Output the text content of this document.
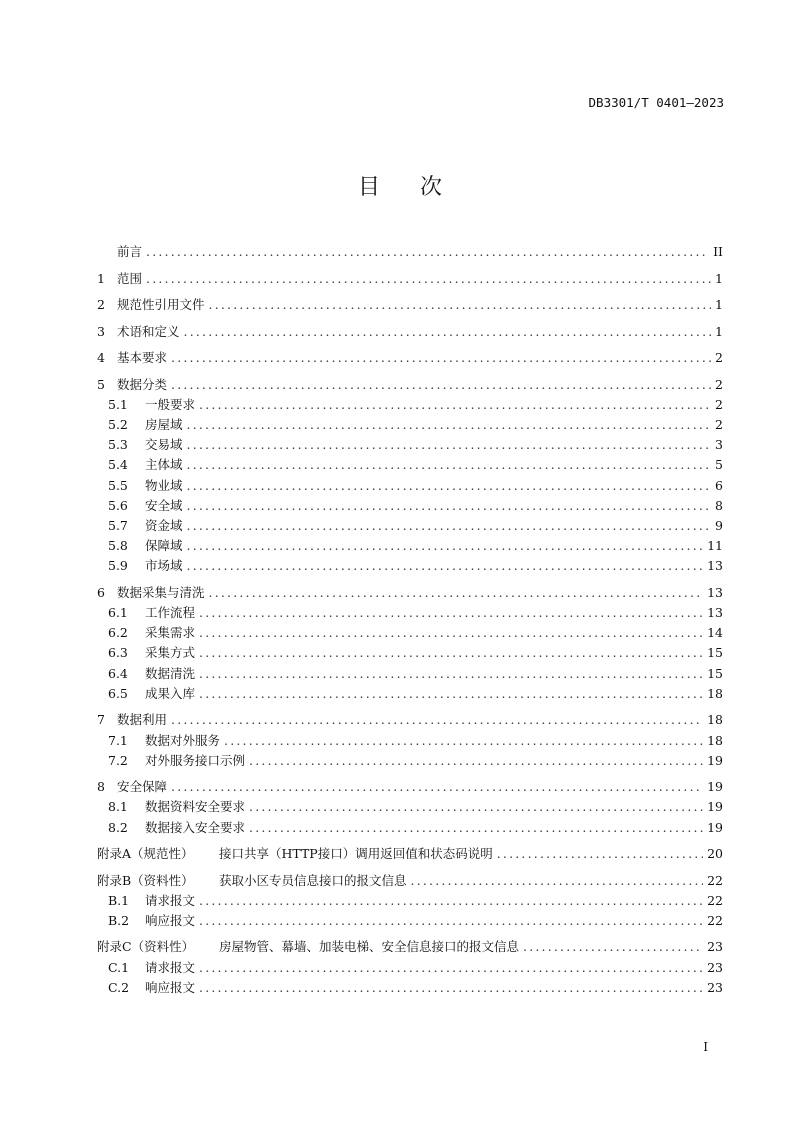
DB3301/T 0401—2023
目次
前言 .....	II
1 范围 .....	1
2 规范性引用文件 .....	1
3 术语和定义 .....	1
4 基本要求 .....	2
5 数据分类 .....	2
5.1	一般要求 .....	2
5.2	房屋域 .....	2
5.3	交易域 .....	3
5.4	主体域 .....	5
5.5	物业域 .....	6
5.6	安全域 .....	8
5.7	资金域 .....	9
5.8	保障域 .....	11
5.9	市场域 .....	13
6 数据采集与清洗 .....	13
6.1	工作流程 .....	13
6.2	采集需求 .....	14
6.3	采集方式 .....	15
6.4	数据清洗 .....	15
6.5	成果入库 .....	18
7 数据利用 .....	18
7.1	数据对外服务 .....	18
7.2	对外服务接口示例 .....	19
8 安全保障 .....	19
8.1	数据资料安全要求 .....	19
8.2	数据接入安全要求 .....	19
附录A（规范性）	接口共享（HTTP接口）调用返回值和状态码说明 .....	20
附录B（资料性）	获取小区专员信息接口的报文信息 .....	22
B.1	请求报文 .....	22
B.2	响应报文 .....	22
附录C（资料性）	房屋物管、幕墙、加装电梯、安全信息接口的报文信息 .....	23
C.1	请求报文 .....	23
C.2	响应报文 .....	23
I
